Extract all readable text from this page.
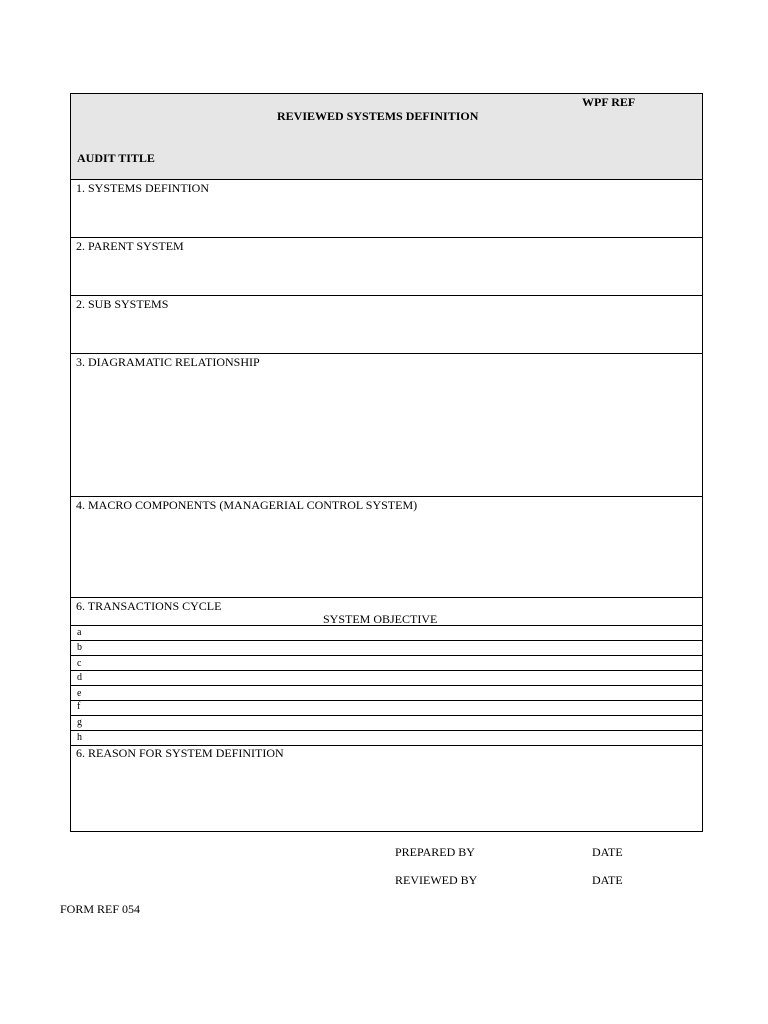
WPF REF
REVIEWED SYSTEMS DEFINITION
AUDIT TITLE
1. SYSTEMS DEFINTION
2. PARENT SYSTEM
2. SUB SYSTEMS
3. DIAGRAMATIC RELATIONSHIP
4. MACRO COMPONENTS (MANAGERIAL CONTROL SYSTEM)
6. TRANSACTIONS CYCLE
SYSTEM OBJECTIVE
a
b
c
d
e
f
g
h
6. REASON FOR SYSTEM DEFINITION
PREPARED BY	DATE
REVIEWED BY	DATE
FORM REF 054
